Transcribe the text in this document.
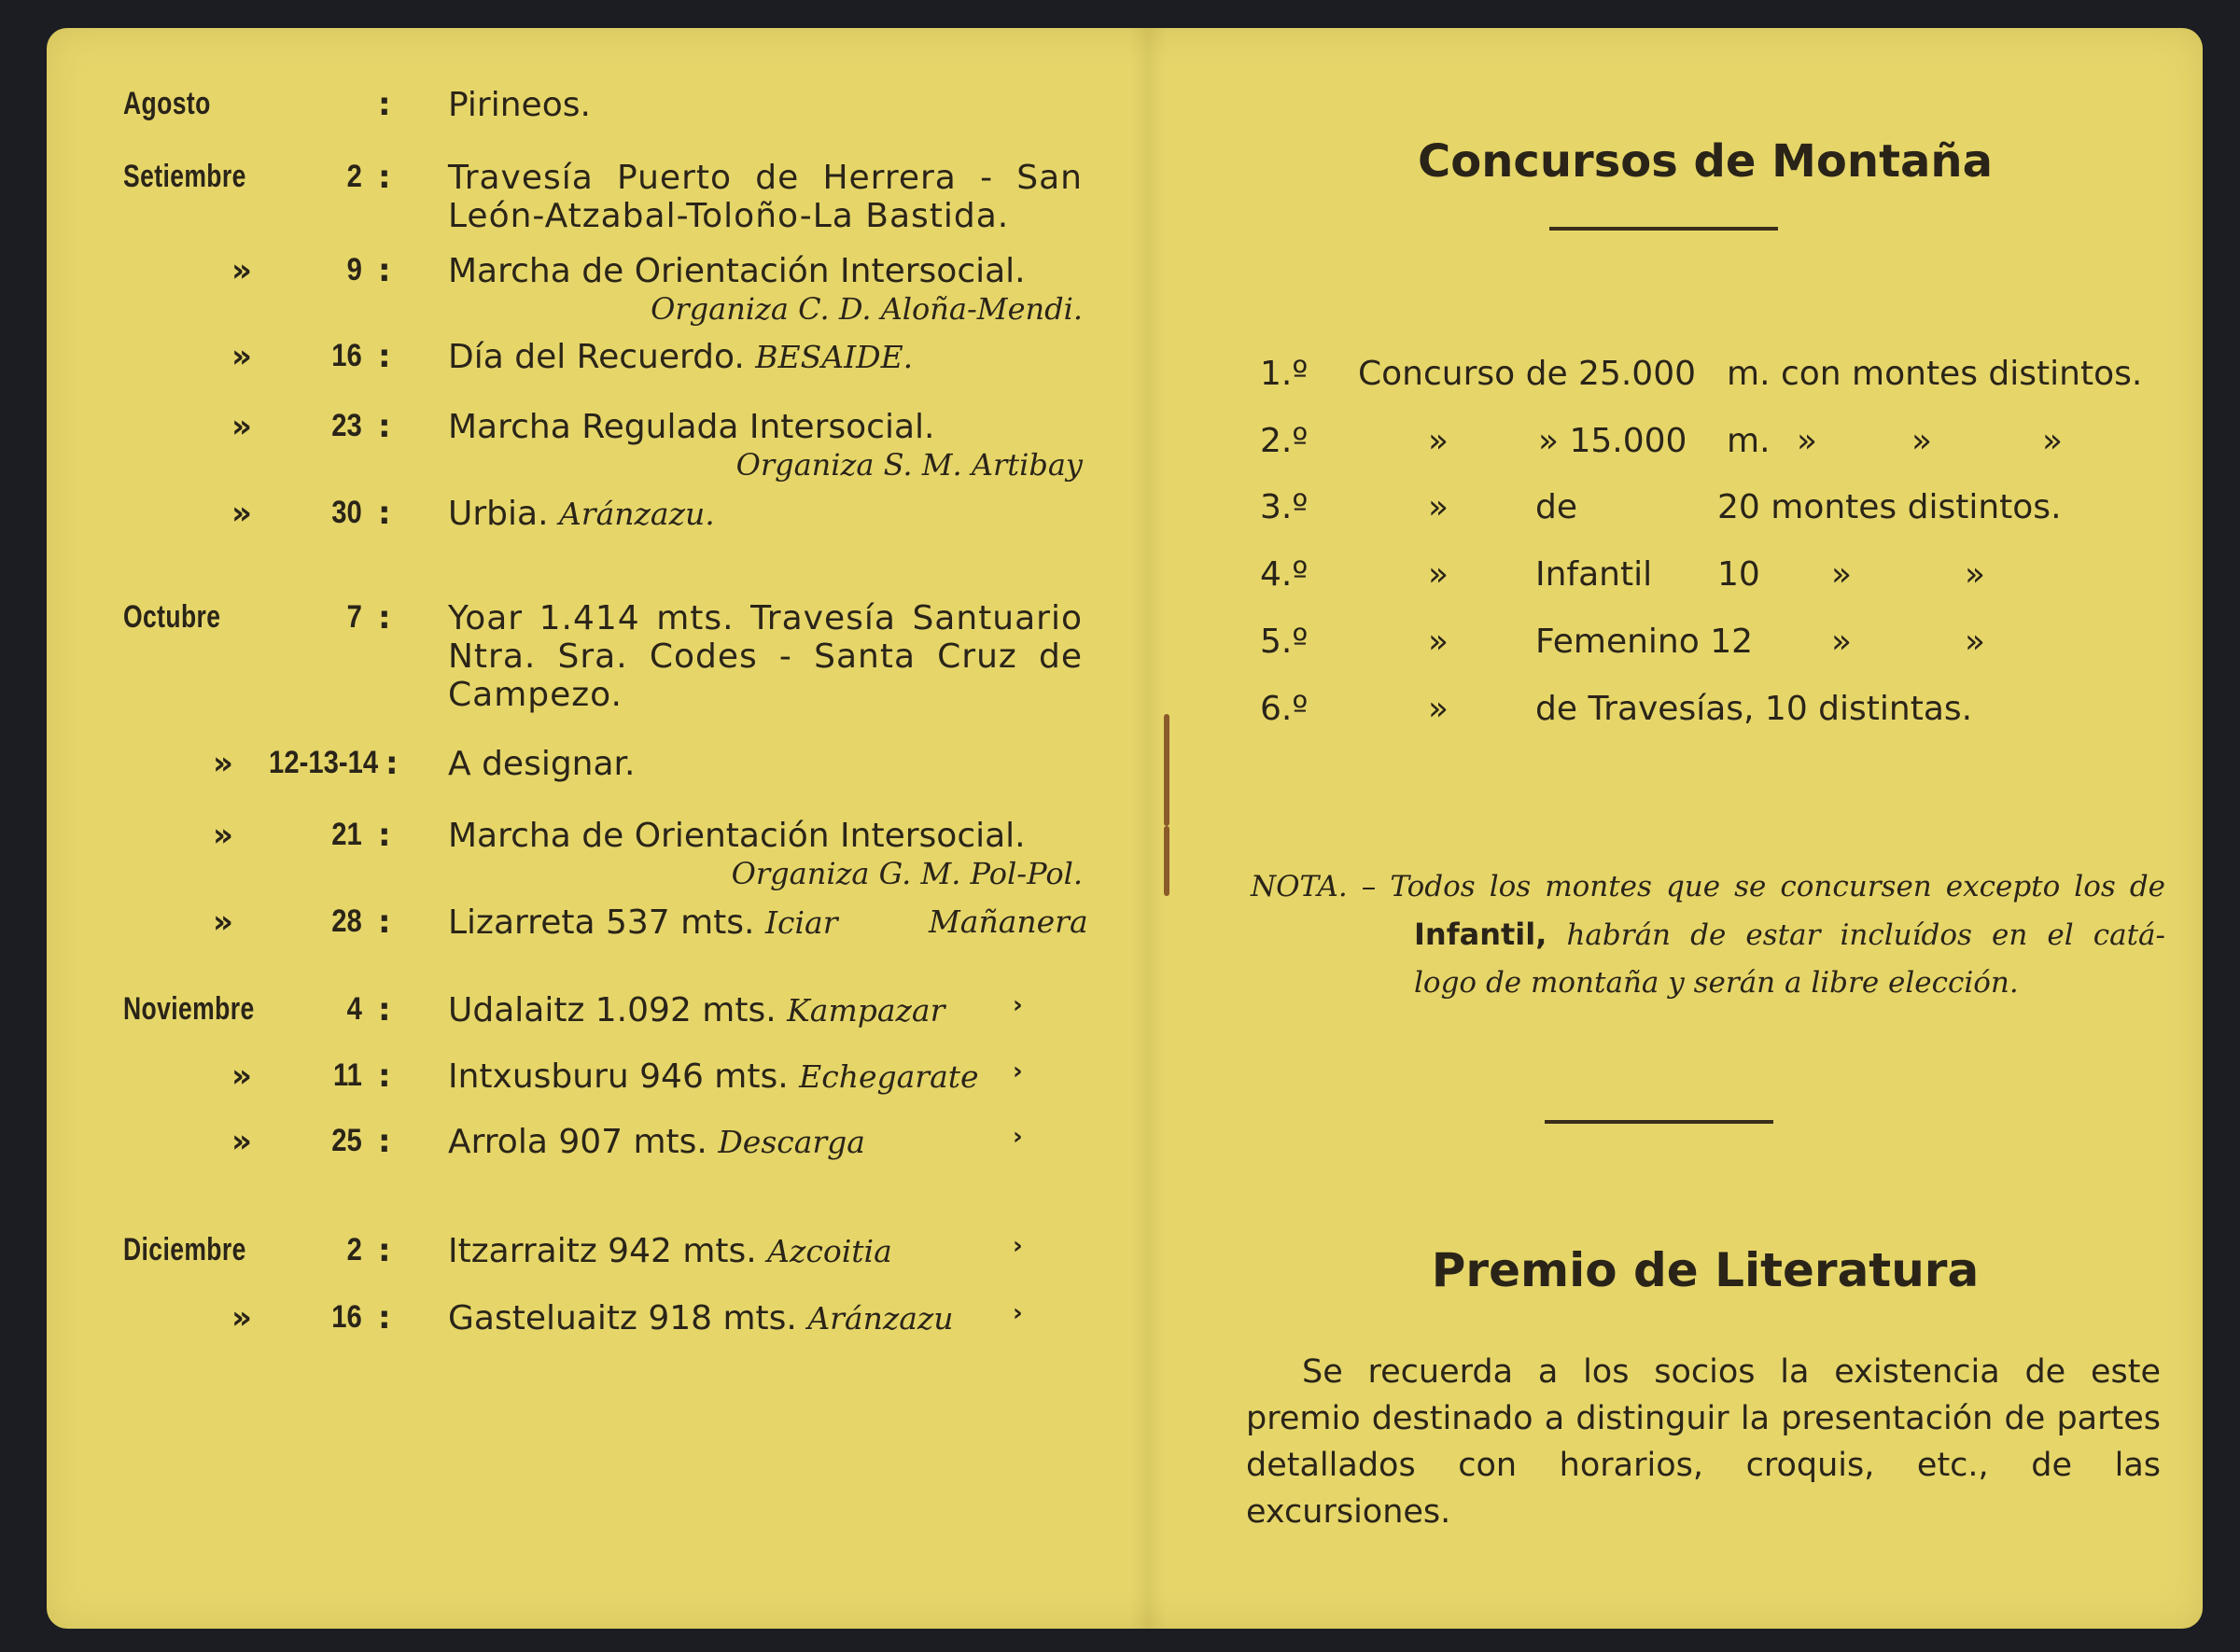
Agosto	: Pirineos.
Setiembre	2 : Travesía Puerto de Herrera - San
León-Atzabal-Toloño-La Bastida.
»	9 : Marcha de Orientación Intersocial.
Organiza C. D. Aloña-Mendi.
»	16 : Día del Recuerdo. BESAIDE.
»	23 : Marcha Regulada Intersocial.
Organiza S. M. Artibay
»	30 : Urbia. Aránzazu.
Octubre	7 : Yoar 1.414 mts. Travesía Santuario
Ntra. Sra. Codes - Santa Cruz de
Campezo.
» 12-13-14 : A designar.
»	21 : Marcha de Orientación Intersocial.
Organiza G. M. Pol-Pol.
»	28 : Lizarreta 537 mts. Iciar	Mañanera
Noviembre	4 : Udalaitz 1.092 mts. Kampazar	›
»	11 : Intxusburu 946 mts. Echegarate	›
»	25 : Arrola 907 mts. Descarga	›
Diciembre	2 : Itzarraitz 942 mts. Azcoitia	›
»	16 : Gasteluaitz 918 mts. Aránzazu	›
Concursos de Montaña
1.º Concurso de 25.000 m. con montes distintos.
2.º	»	» 15.000 m. »	»	»
3.º	»	de	20 montes distintos.
4.º	»	Infantil 10 »	»
5.º	»	Femenino 12 »	»
6.º	»	de Travesías, 10 distintas.
NOTA. – Todos los montes que se concursen excepto los de
Infantil, habrán de estar incluídos en el catá-
logo de montaña y serán a libre elección.
Premio de Literatura
Se recuerda a los socios la existencia de este premio destinado a distinguir la presentación de partes detallados con horarios, croquis, etc., de las excursiones.
